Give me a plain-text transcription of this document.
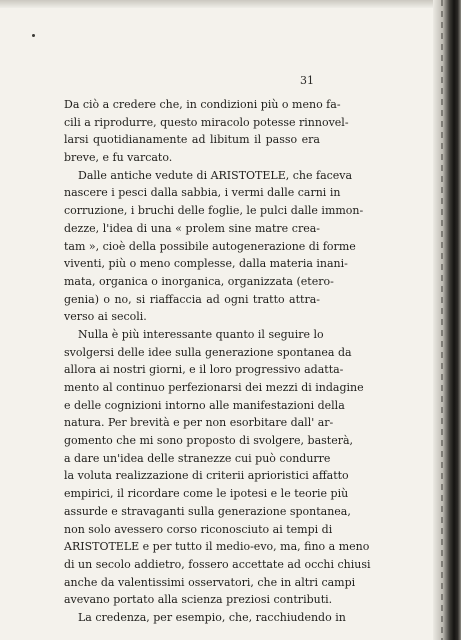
31
Da ciò a credere che, in condizioni più o meno fa-
cili a riprodurre, questo miracolo potesse rinnovel-
larsi quotidianamente ad libitum il passo era
breve, e fu varcato.
Dalle antiche vedute di ARISTOTELE, che faceva
nascere i pesci dalla sabbia, i vermi dalle carni in
corruzione, i bruchi delle foglie, le pulci dalle immon-
dezze, l'idea di una « prolem sine matre crea-
tam », cioè della possibile autogenerazione di forme
viventi, più o meno complesse, dalla materia inani-
mata, organica o inorganica, organizzata (etero-
genia) o no, si riaffaccia ad ogni tratto attra-
verso ai secoli.
Nulla è più interessante quanto il seguire lo
svolgersi delle idee sulla generazione spontanea da
allora ai nostri giorni, e il loro progressivo adatta-
mento al continuo perfezionarsi dei mezzi di indagine
e delle cognizioni intorno alle manifestazioni della
natura. Per brevità e per non esorbitare dall' ar-
gomento che mi sono proposto di svolgere, basterà,
a dare un'idea delle stranezze cui può condurre
la voluta realizzazione di criterii aprioristici affatto
empirici, il ricordare come le ipotesi e le teorie più
assurde e stravaganti sulla generazione spontanea,
non solo avessero corso riconosciuto ai tempi di
ARISTOTELE e per tutto il medio-evo, ma, fino a meno
di un secolo addietro, fossero accettate ad occhi chiusi
anche da valentissimi osservatori, che in altri campi
avevano portato alla scienza preziosi contributi.
La credenza, per esempio, che, racchiudendo in
